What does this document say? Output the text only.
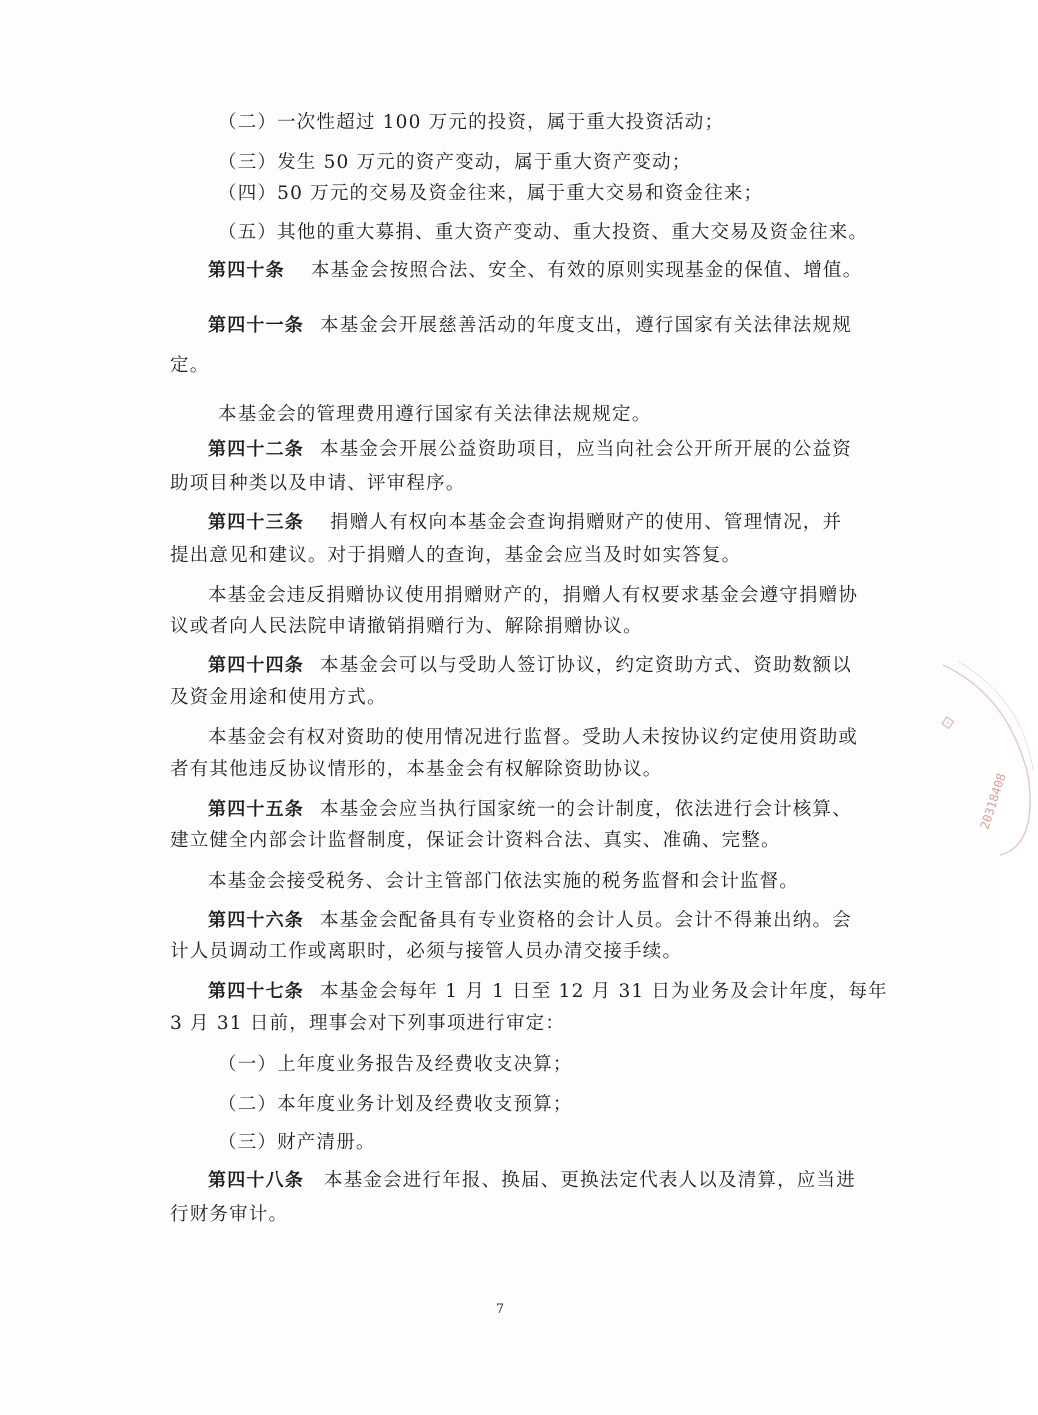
（二）一次性超过 100 万元的投资，属于重大投资活动；
（三）发生 50 万元的资产变动，属于重大资产变动；
（四）50 万元的交易及资金往来，属于重大交易和资金往来；
（五）其他的重大募捐、重大资产变动、重大投资、重大交易及资金往来。
第四十条 本基金会按照合法、安全、有效的原则实现基金的保值、增值。
第四十一条 本基金会开展慈善活动的年度支出，遵行国家有关法律法规规
定。
本基金会的管理费用遵行国家有关法律法规规定。
第四十二条 本基金会开展公益资助项目，应当向社会公开所开展的公益资
助项目种类以及申请、评审程序。
第四十三条 捐赠人有权向本基金会查询捐赠财产的使用、管理情况，并
提出意见和建议。对于捐赠人的查询，基金会应当及时如实答复。
本基金会违反捐赠协议使用捐赠财产的，捐赠人有权要求基金会遵守捐赠协
议或者向人民法院申请撤销捐赠行为、解除捐赠协议。
第四十四条 本基金会可以与受助人签订协议，约定资助方式、资助数额以
及资金用途和使用方式。
本基金会有权对资助的使用情况进行监督。受助人未按协议约定使用资助或
者有其他违反协议情形的，本基金会有权解除资助协议。
第四十五条 本基金会应当执行国家统一的会计制度，依法进行会计核算、
建立健全内部会计监督制度，保证会计资料合法、真实、准确、完整。
本基金会接受税务、会计主管部门依法实施的税务监督和会计监督。
第四十六条 本基金会配备具有专业资格的会计人员。会计不得兼出纳。会
计人员调动工作或离职时，必须与接管人员办清交接手续。
第四十七条 本基金会每年 1 月 1 日至 12 月 31 日为业务及会计年度，每年
3 月 31 日前，理事会对下列事项进行审定：
（一）上年度业务报告及经费收支决算；
（二）本年度业务计划及经费收支预算；
（三）财产清册。
第四十八条 本基金会进行年报、换届、更换法定代表人以及清算，应当进
行财务审计。
7
20318408
⊡
